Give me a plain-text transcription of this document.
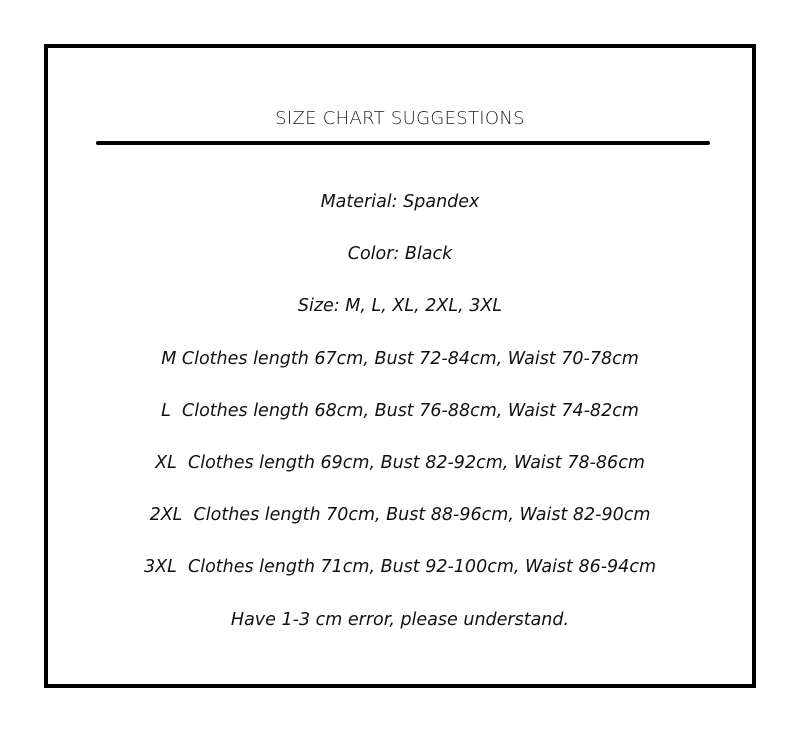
SIZE CHART SUGGESTIONS
Material: Spandex
Color: Black
Size: M, L, XL, 2XL, 3XL
M Clothes length 67cm, Bust 72-84cm, Waist 70-78cm
L  Clothes length 68cm, Bust 76-88cm, Waist 74-82cm
XL  Clothes length 69cm, Bust 82-92cm, Waist 78-86cm
2XL  Clothes length 70cm, Bust 88-96cm, Waist 82-90cm
3XL  Clothes length 71cm, Bust 92-100cm, Waist 86-94cm
Have 1-3 cm error, please understand.
